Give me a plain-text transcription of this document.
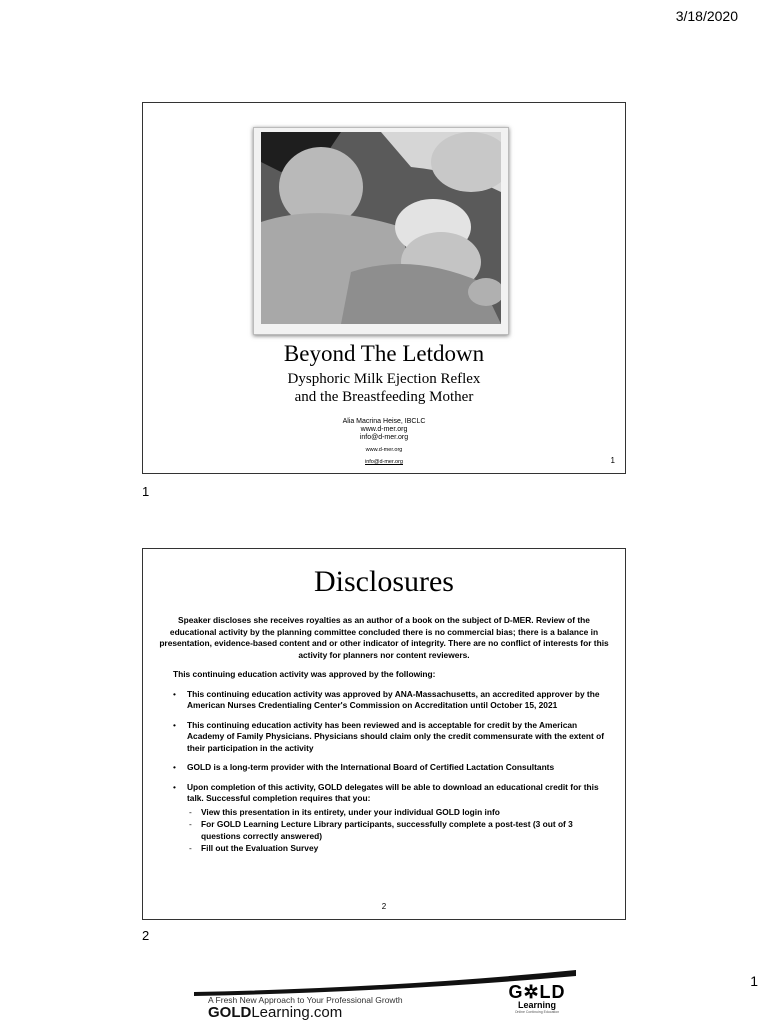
3/18/2020
Beyond The Letdown
Dysphoric Milk Ejection Reflex
and the Breastfeeding Mother
Alia Macrina Heise, IBCLC
www.d-mer.org
info@d-mer.org
www.d-mer.org
info@d-mer.org	1
1
Disclosures
Speaker discloses she receives royalties as an author of a book on the subject of D-MER. Review of the educational activity by the planning committee concluded there is no commercial bias; there is a balance in presentation, evidence-based content and or other indicator of integrity. There are no conflict of interests for this activity for planners nor content reviewers.
This continuing education activity was approved by the following:
• This continuing education activity was approved by ANA-Massachusetts, an accredited approver by the American Nurses Credentialing Center's Commission on Accreditation until October 15, 2021
• This continuing education activity has been reviewed and is acceptable for credit by the American Academy of Family Physicians. Physicians should claim only the credit commensurate with the extent of their participation in the activity
• GOLD is a long-term provider with the International Board of Certified Lactation Consultants
• Upon completion of this activity, GOLD delegates will be able to download an educational credit for this talk. Successful completion requires that you:
- View this presentation in its entirety, under your individual GOLD login info
- For GOLD Learning Lecture Library participants, successfully complete a post-test (3 out of 3 questions correctly answered)
- Fill out the Evaluation Survey
2
2
1
A Fresh New Approach to Your Professional Growth
GOLDLearning.com
G✲LD
Learning
Online Continuing Education
